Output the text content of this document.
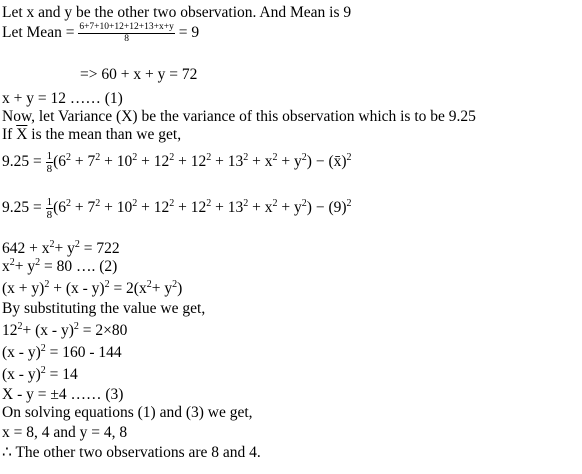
Let x and y be the other two observation. And Mean is 9
Let Mean = $\frac{6+7+10+12+12+13+x+y}{8} = 9$
=> 60 + x + y = 72
x + y = 12 …… (1)
Now, let Variance (X) be the variance of this observation which is to be 9.25
If $\overline{X}$ is the mean than we get,
$9.25 = \frac{1}{8} (6^2 + 7^2 + 10^2 + 12^2 + 12^2 + 13^2 + x^2 + y^2)$ − (x̄)$^2$
$9.25 = \frac{1}{8} (6^2 + 7^2 + 10^2 + 12^2 + 12^2 + 13^2 + x^2 + y^2) - (9)^2$
$642 + x^2+ y^2 = 722$
$x^2+ y^2 = 80$ …. (2)
$(x + y)^2 + (x - y)^2 = 2(x^2+ y^2)$
By substituting the value we get,
$12^2+ (x - y)^2 = 2\times 80$
(x - y)$^2$ = 160 - 144
(x - y)$^2$ = 14
X - y = ±4 …… (3)
On solving equations (1) and (3) we get,
x = 8, 4 and y = 4, 8
∴ The other two observations are 8 and 4.
